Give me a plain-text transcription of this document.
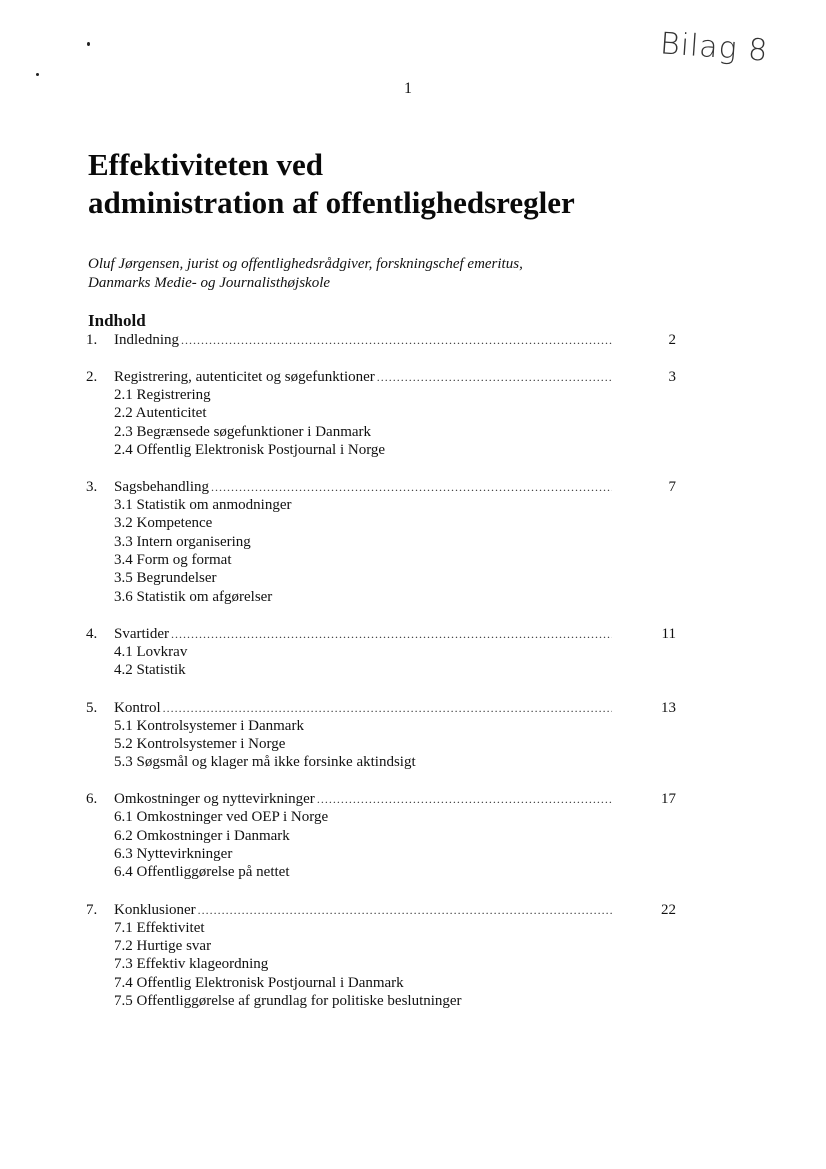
Bilag 8
1
Effektiviteten ved
administration af offentlighedsregler
Oluf Jørgensen, jurist og offentlighedsrådgiver, forskningschef emeritus,
Danmarks Medie- og Journalisthøjskole
Indhold
1.	Indledning .....	2
2.	Registrering, autenticitet og søgefunktioner .....	3
2.1 Registrering
2.2 Autenticitet
2.3 Begrænsede søgefunktioner i Danmark
2.4 Offentlig Elektronisk Postjournal i Norge
3.	Sagsbehandling .....	7
3.1 Statistik om anmodninger
3.2 Kompetence
3.3 Intern organisering
3.4 Form og format
3.5 Begrundelser
3.6 Statistik om afgørelser
4.	Svartider .....	11
4.1 Lovkrav
4.2 Statistik
5.	Kontrol .....	13
5.1 Kontrolsystemer i Danmark
5.2 Kontrolsystemer i Norge
5.3 Søgsmål og klager må ikke forsinke aktindsigt
6.	Omkostninger og nyttevirkninger .....	17
6.1 Omkostninger ved OEP i Norge
6.2 Omkostninger i Danmark
6.3 Nyttevirkninger
6.4 Offentliggørelse på nettet
7.	Konklusioner .....	22
7.1 Effektivitet
7.2 Hurtige svar
7.3 Effektiv klageordning
7.4 Offentlig Elektronisk Postjournal i Danmark
7.5 Offentliggørelse af grundlag for politiske beslutninger
